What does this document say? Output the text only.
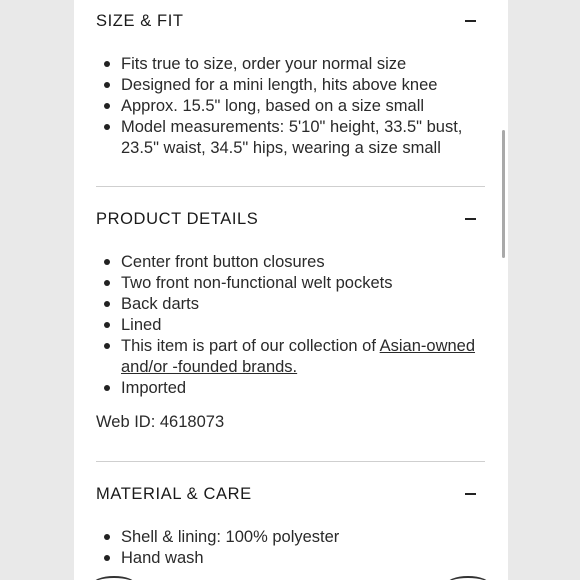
SIZE & FIT
Fits true to size, order your normal size
Designed for a mini length, hits above knee
Approx. 15.5" long, based on a size small
Model measurements: 5'10" height, 33.5" bust, 23.5" waist, 34.5" hips, wearing a size small
PRODUCT DETAILS
Center front button closures
Two front non-functional welt pockets
Back darts
Lined
This item is part of our collection of Asian-owned and/or -founded brands.
Imported
Web ID: 4618073
MATERIAL & CARE
Shell & lining: 100% polyester
Hand wash
